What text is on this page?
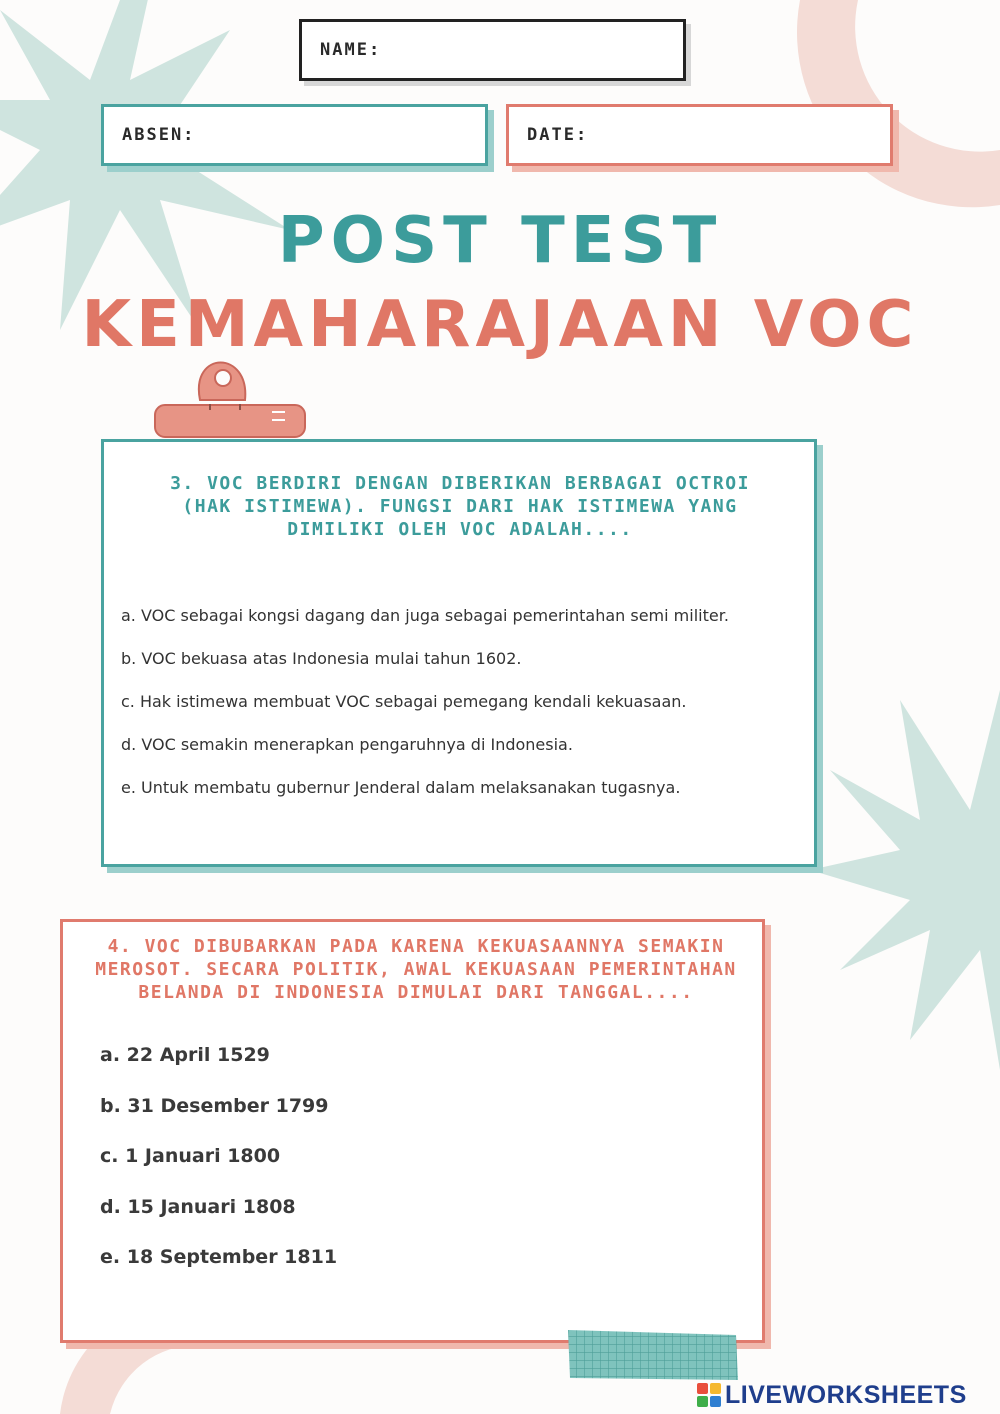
NAME:
ABSEN:	DATE:
POST TEST
KEMAHARAJAAN VOC

3. VOC BERDIRI DENGAN DIBERIKAN BERBAGAI OCTROI (HAK ISTIMEWA). FUNGSI DARI HAK ISTIMEWA YANG DIMILIKI OLEH VOC ADALAH....

a. VOC sebagai kongsi dagang dan juga sebagai pemerintahan semi militer.
b. VOC bekuasa atas Indonesia mulai tahun 1602.
c. Hak istimewa membuat VOC sebagai pemegang kendali kekuasaan.
d. VOC semakin menerapkan pengaruhnya di Indonesia.
e. Untuk membatu gubernur Jenderal dalam melaksanakan tugasnya.

4. VOC DIBUBARKAN PADA KARENA KEKUASAANNYA SEMAKIN MEROSOT. SECARA POLITIK, AWAL KEKUASAAN PEMERINTAHAN BELANDA DI INDONESIA DIMULAI DARI TANGGAL....

a. 22 April 1529
b. 31 Desember 1799
c. 1 Januari 1800
d. 15 Januari 1808
e. 18 September 1811
LIVEWORKSHEETS
